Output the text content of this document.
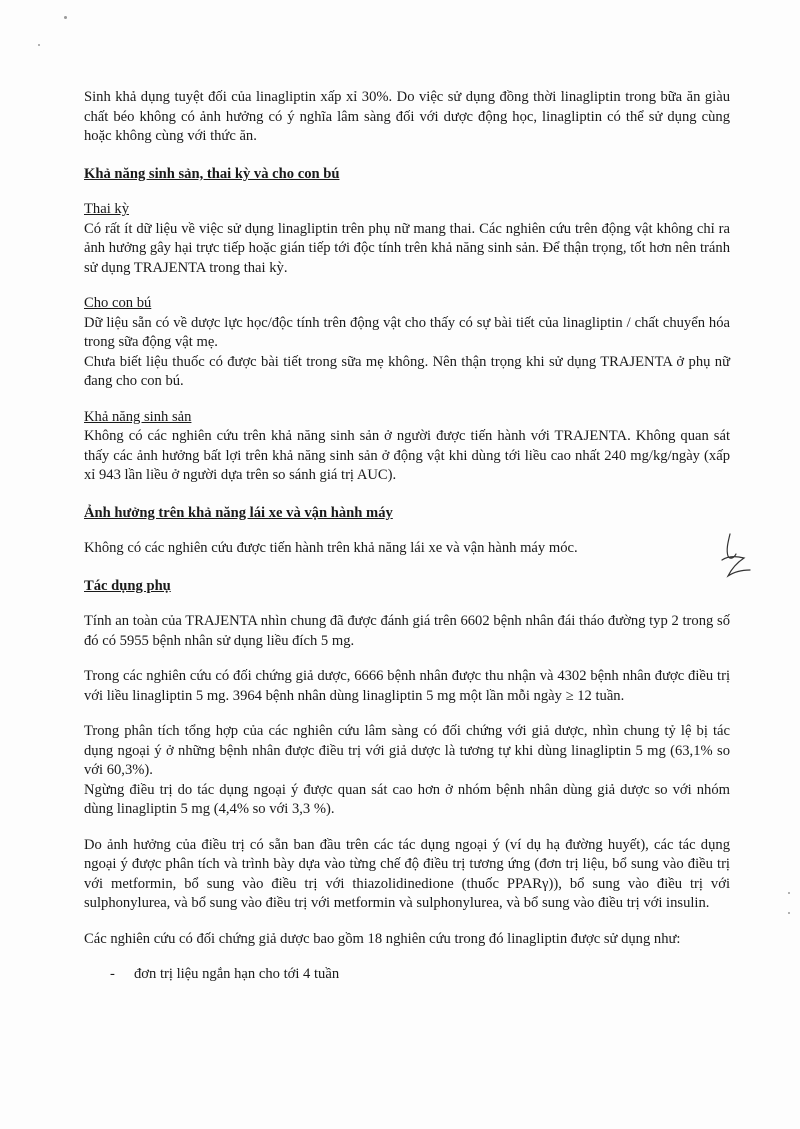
Sinh khả dụng tuyệt đối của linagliptin xấp xỉ 30%. Do việc sử dụng đồng thời linagliptin trong bữa ăn giàu chất béo không có ảnh hưởng có ý nghĩa lâm sàng đối với dược động học, linagliptin có thể sử dụng cùng hoặc không cùng với thức ăn.

Khả năng sinh sản, thai kỳ và cho con bú

Thai kỳ

Có rất ít dữ liệu về việc sử dụng linagliptin trên phụ nữ mang thai. Các nghiên cứu trên động vật không chỉ ra ảnh hưởng gây hại trực tiếp hoặc gián tiếp tới độc tính trên khả năng sinh sản. Để thận trọng, tốt hơn nên tránh sử dụng TRAJENTA trong thai kỳ.

Cho con bú

Dữ liệu sẵn có về dược lực học/độc tính trên động vật cho thấy có sự bài tiết của linagliptin / chất chuyển hóa trong sữa động vật mẹ.

Chưa biết liệu thuốc có được bài tiết trong sữa mẹ không. Nên thận trọng khi sử dụng TRAJENTA ở phụ nữ đang cho con bú.

Khả năng sinh sản

Không có các nghiên cứu trên khả năng sinh sản ở người được tiến hành với TRAJENTA. Không quan sát thấy các ảnh hưởng bất lợi trên khả năng sinh sản ở động vật khi dùng tới liều cao nhất 240 mg/kg/ngày (xấp xỉ 943 lần liều ở người dựa trên so sánh giá trị AUC).

Ảnh hưởng trên khả năng lái xe và vận hành máy

Không có các nghiên cứu được tiến hành trên khả năng lái xe và vận hành máy móc.

Tác dụng phụ

Tính an toàn của TRAJENTA nhìn chung đã được đánh giá trên 6602 bệnh nhân đái tháo đường typ 2 trong số đó có 5955 bệnh nhân sử dụng liều đích 5 mg.

Trong các nghiên cứu có đối chứng giả dược, 6666 bệnh nhân được thu nhận và 4302 bệnh nhân được điều trị với liều linagliptin 5 mg. 3964 bệnh nhân dùng linagliptin 5 mg một lần mỗi ngày ≥ 12 tuần.

Trong phân tích tổng hợp của các nghiên cứu lâm sàng có đối chứng với giả dược, nhìn chung tỷ lệ bị tác dụng ngoại ý ở những bệnh nhân được điều trị với giả dược là tương tự khi dùng linagliptin 5 mg (63,1% so với 60,3%).

Ngừng điều trị do tác dụng ngoại ý được quan sát cao hơn ở nhóm bệnh nhân dùng giả dược so với nhóm dùng linagliptin 5 mg (4,4% so với 3,3 %).

Do ảnh hưởng của điều trị có sẵn ban đầu trên các tác dụng ngoại ý (ví dụ hạ đường huyết), các tác dụng ngoại ý được phân tích và trình bày dựa vào từng chế độ điều trị tương ứng (đơn trị liệu, bổ sung vào điều trị với metformin, bổ sung vào điều trị với thiazolidinedione (thuốc PPARγ)), bổ sung vào điều trị với sulphonylurea, và bổ sung vào điều trị với metformin và sulphonylurea, và bổ sung vào điều trị với insulin.

Các nghiên cứu có đối chứng giả dược bao gồm 18 nghiên cứu trong đó linagliptin được sử dụng như:

-	đơn trị liệu ngắn hạn cho tới 4 tuần
